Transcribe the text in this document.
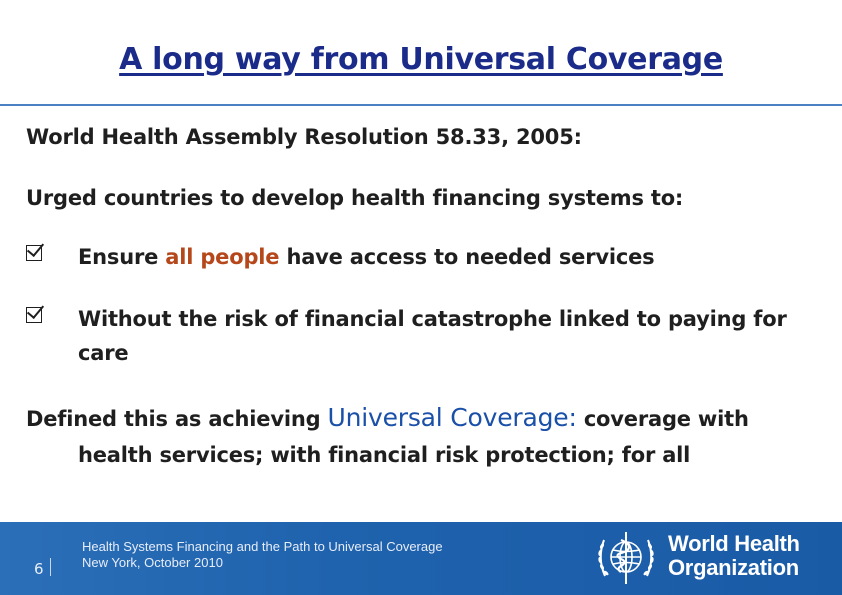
A long way from Universal Coverage
World Health Assembly Resolution 58.33, 2005:
Urged countries to develop health financing systems to:
Ensure all people have access to needed services
Without the risk of financial catastrophe linked to paying for care
Defined this as achieving Universal Coverage: coverage with
health services; with financial risk protection; for all
6
Health Systems Financing and the Path to Universal Coverage
New York, October 2010
World Health
Organization
